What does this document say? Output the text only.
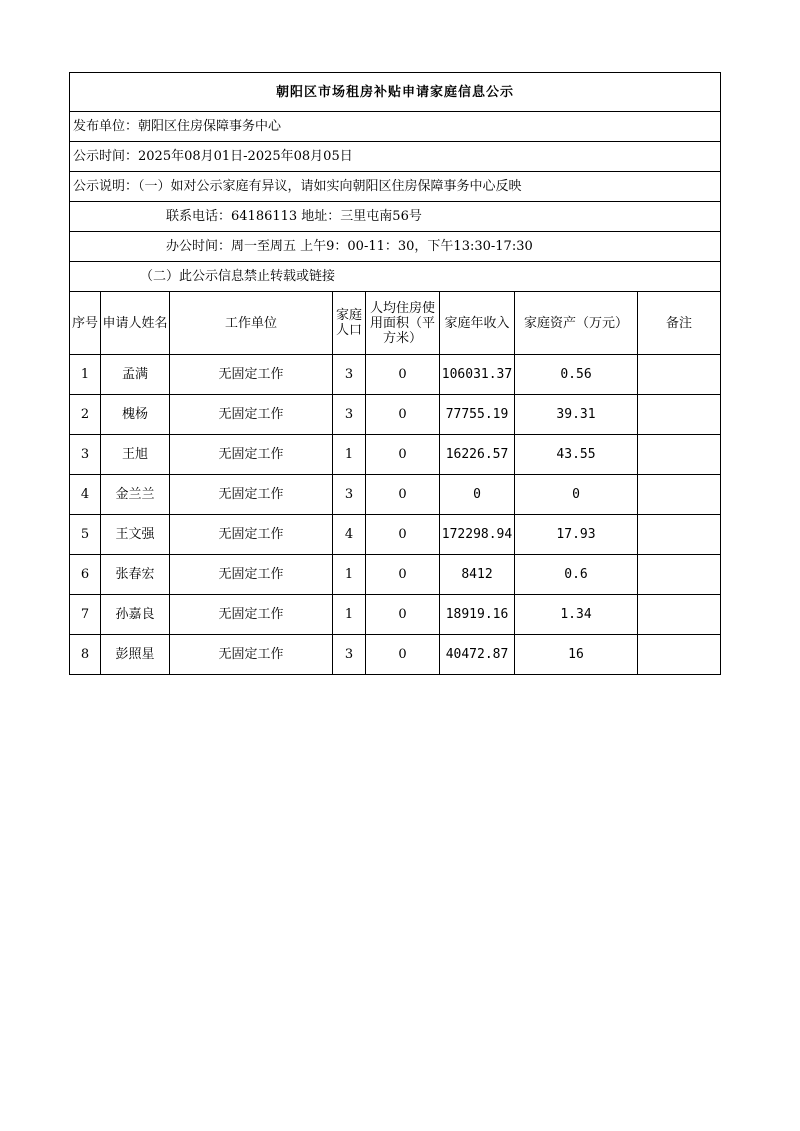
朝阳区市场租房补贴申请家庭信息公示							
发布单位：朝阳区住房保障事务中心							
公示时间：2025年08月01日-2025年08月05日							
公示说明：（一）如对公示家庭有异议，请如实向朝阳区住房保障事务中心反映							
联系电话：64186113 地址：三里屯南56号							
办公时间：周一至周五 上午9：00-11：30，下午13:30-17:30							
（二）此公示信息禁止转载或链接							
序号	申请人姓名	工作单位	家庭人口	人均住房使用面积（平方米）	家庭年收入	家庭资产（万元）	备注
1	孟满	无固定工作	3	0	106031.37	0.56	
2	槐杨	无固定工作	3	0	77755.19	39.31	
3	王旭	无固定工作	1	0	16226.57	43.55	
4	金兰兰	无固定工作	3	0	0	0	
5	王文强	无固定工作	4	0	172298.94	17.93	
6	张春宏	无固定工作	1	0	8412	0.6	
7	孙嘉良	无固定工作	1	0	18919.16	1.34	
8	彭照星	无固定工作	3	0	40472.87	16	
